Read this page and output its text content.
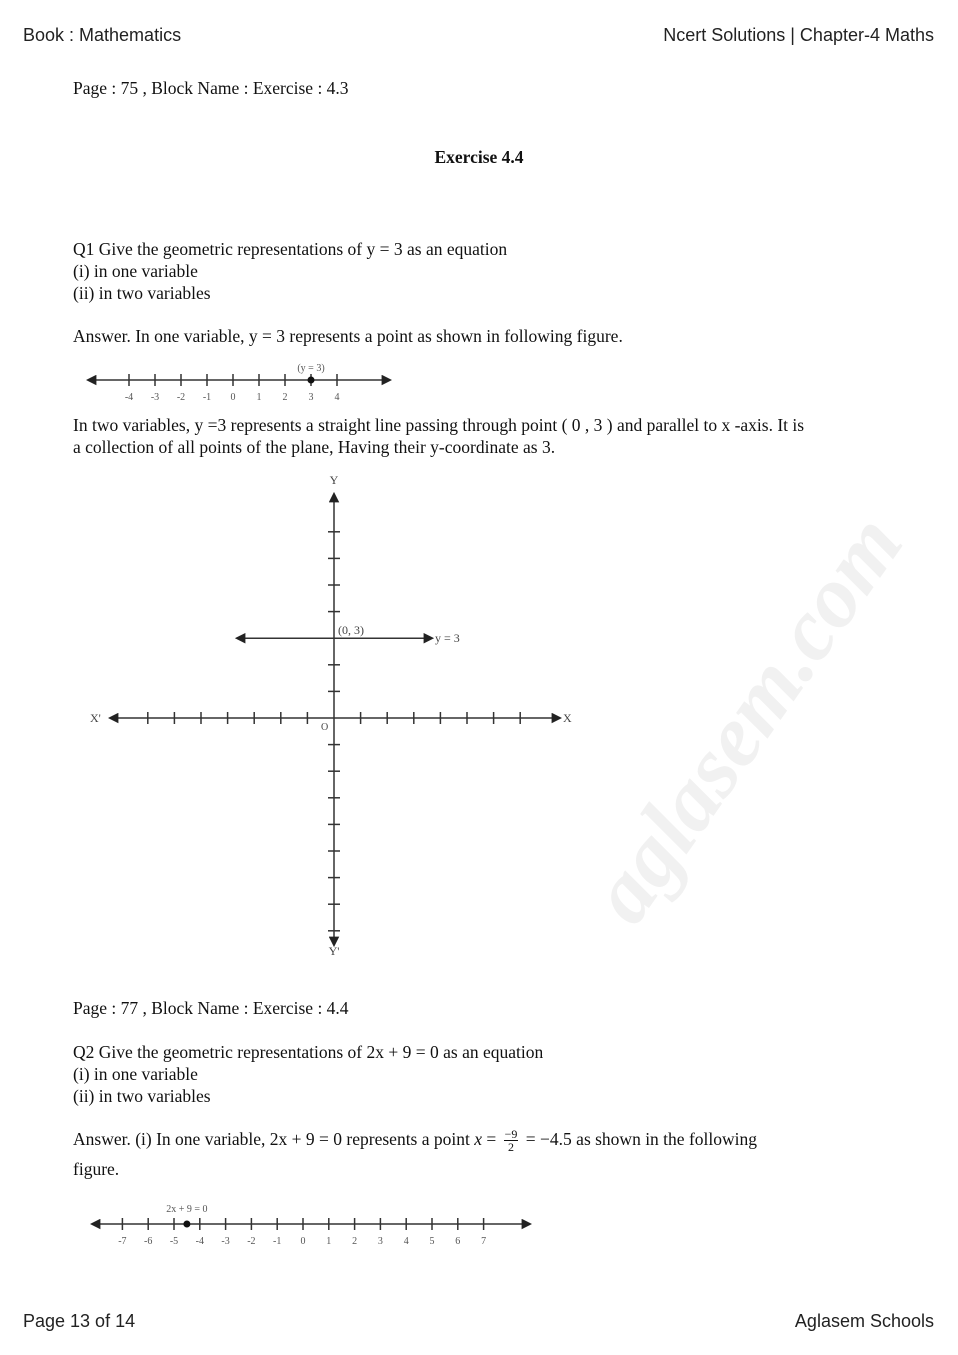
Book : Mathematics	Ncert Solutions | Chapter-4 Maths
Page : 75 , Block Name : Exercise : 4.3
Exercise 4.4
Q1 Give the geometric representations of y = 3 as an equation
(i) in one variable
(ii) in two variables
Answer. In one variable, y = 3 represents a point as shown in following figure.
In two variables, y =3 represents a straight line passing through point ( 0 , 3 ) and parallel to x -axis. It is
a collection of all points of the plane, Having their y-coordinate as 3.
Page : 77 , Block Name : Exercise : 4.4
Q2 Give the geometric representations of 2x + 9 = 0 as an equation
(i) in one variable
(ii) in two variables
Answer. (i) In one variable, 2x + 9 = 0 represents a point $x = \frac{-9}{2} = -4.5$ as shown in the following
figure.
aglasem.com
-4 -3 -2 -1 0 1 2 3 4
(y = 3)
Y
Y'
X
X'
O
(0, 3)
y = 3
-7 -6 -5 -4 -3 -2 -1 0 1 2 3 4 5 6 7
2x + 9 = 0
Page 13 of 14	Aglasem Schools
